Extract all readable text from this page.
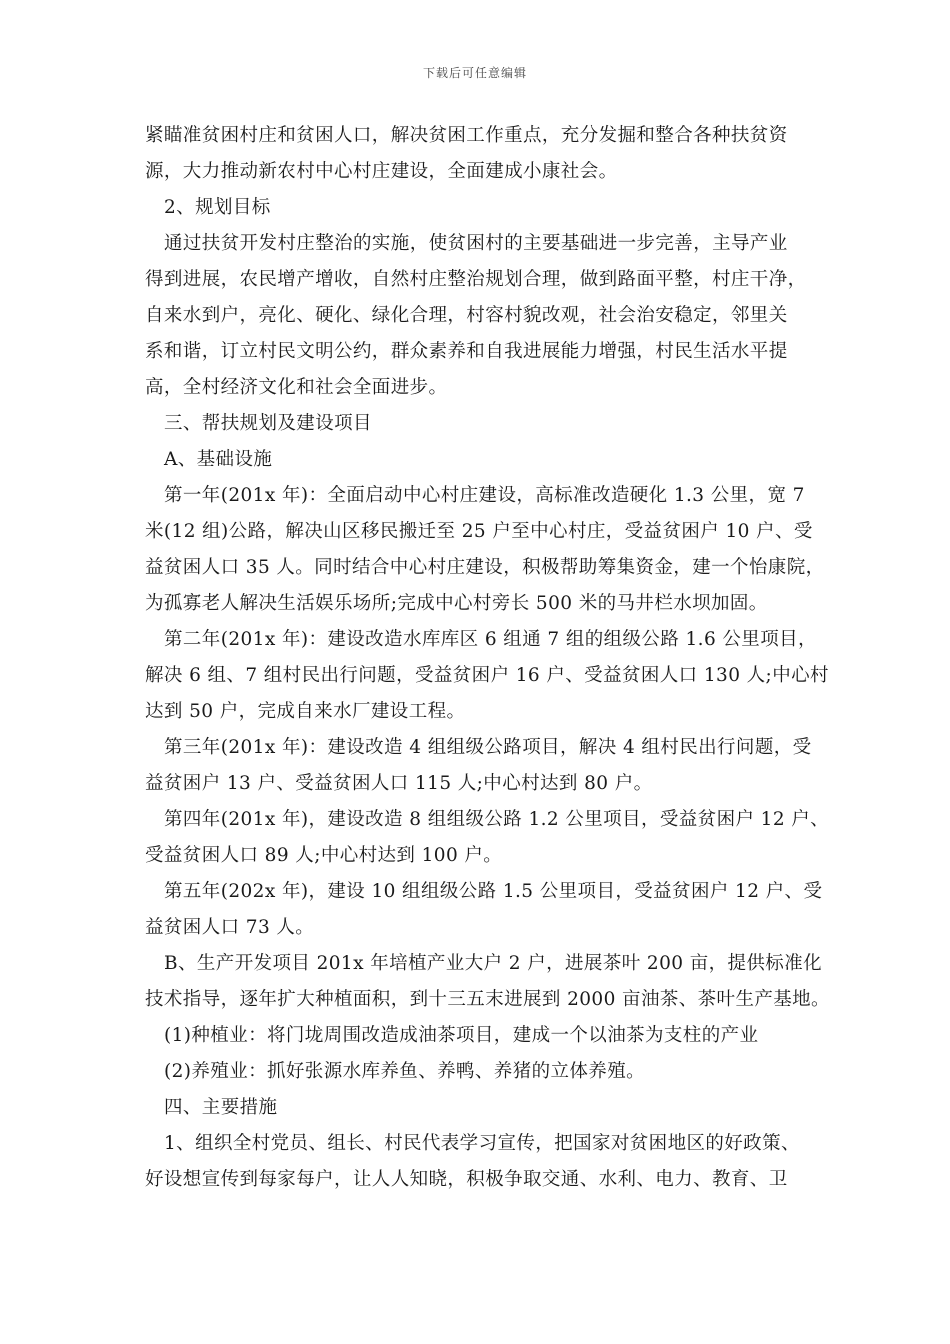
下载后可任意编辑
紧瞄准贫困村庄和贫困人口，解决贫困工作重点，充分发掘和整合各种扶贫资
源，大力推动新农村中心村庄建设，全面建成小康社会。
2、规划目标
通过扶贫开发村庄整治的实施，使贫困村的主要基础进一步完善，主导产业
得到进展，农民增产增收，自然村庄整治规划合理，做到路面平整，村庄干净，
自来水到户，亮化、硬化、绿化合理，村容村貌改观，社会治安稳定，邻里关
系和谐，订立村民文明公约，群众素养和自我进展能力增强，村民生活水平提
高，全村经济文化和社会全面进步。
三、帮扶规划及建设项目
A、基础设施
第一年(201x 年)：全面启动中心村庄建设，高标准改造硬化 1.3 公里，宽 7
米(12 组)公路，解决山区移民搬迁至 25 户至中心村庄，受益贫困户 10 户、受
益贫困人口 35 人。同时结合中心村庄建设，积极帮助筹集资金，建一个怡康院，
为孤寡老人解决生活娱乐场所;完成中心村旁长 500 米的马井栏水坝加固。
第二年(201x 年)：建设改造水库库区 6 组通 7 组的组级公路 1.6 公里项目，
解决 6 组、7 组村民出行问题，受益贫困户 16 户、受益贫困人口 130 人;中心村
达到 50 户，完成自来水厂建设工程。
第三年(201x 年)：建设改造 4 组组级公路项目，解决 4 组村民出行问题，受
益贫困户 13 户、受益贫困人口 115 人;中心村达到 80 户。
第四年(201x 年)，建设改造 8 组组级公路 1.2 公里项目，受益贫困户 12 户、
受益贫困人口 89 人;中心村达到 100 户。
第五年(202x 年)，建设 10 组组级公路 1.5 公里项目，受益贫困户 12 户、受
益贫困人口 73 人。
B、生产开发项目 201x 年培植产业大户 2 户，进展茶叶 200 亩，提供标准化
技术指导，逐年扩大种植面积，到十三五末进展到 2000 亩油茶、茶叶生产基地。
(1)种植业：将门垅周围改造成油茶项目，建成一个以油茶为支柱的产业
(2)养殖业：抓好张源水库养鱼、养鸭、养猪的立体养殖。
四、主要措施
1、组织全村党员、组长、村民代表学习宣传，把国家对贫困地区的好政策、
好设想宣传到每家每户，让人人知晓，积极争取交通、水利、电力、教育、卫
